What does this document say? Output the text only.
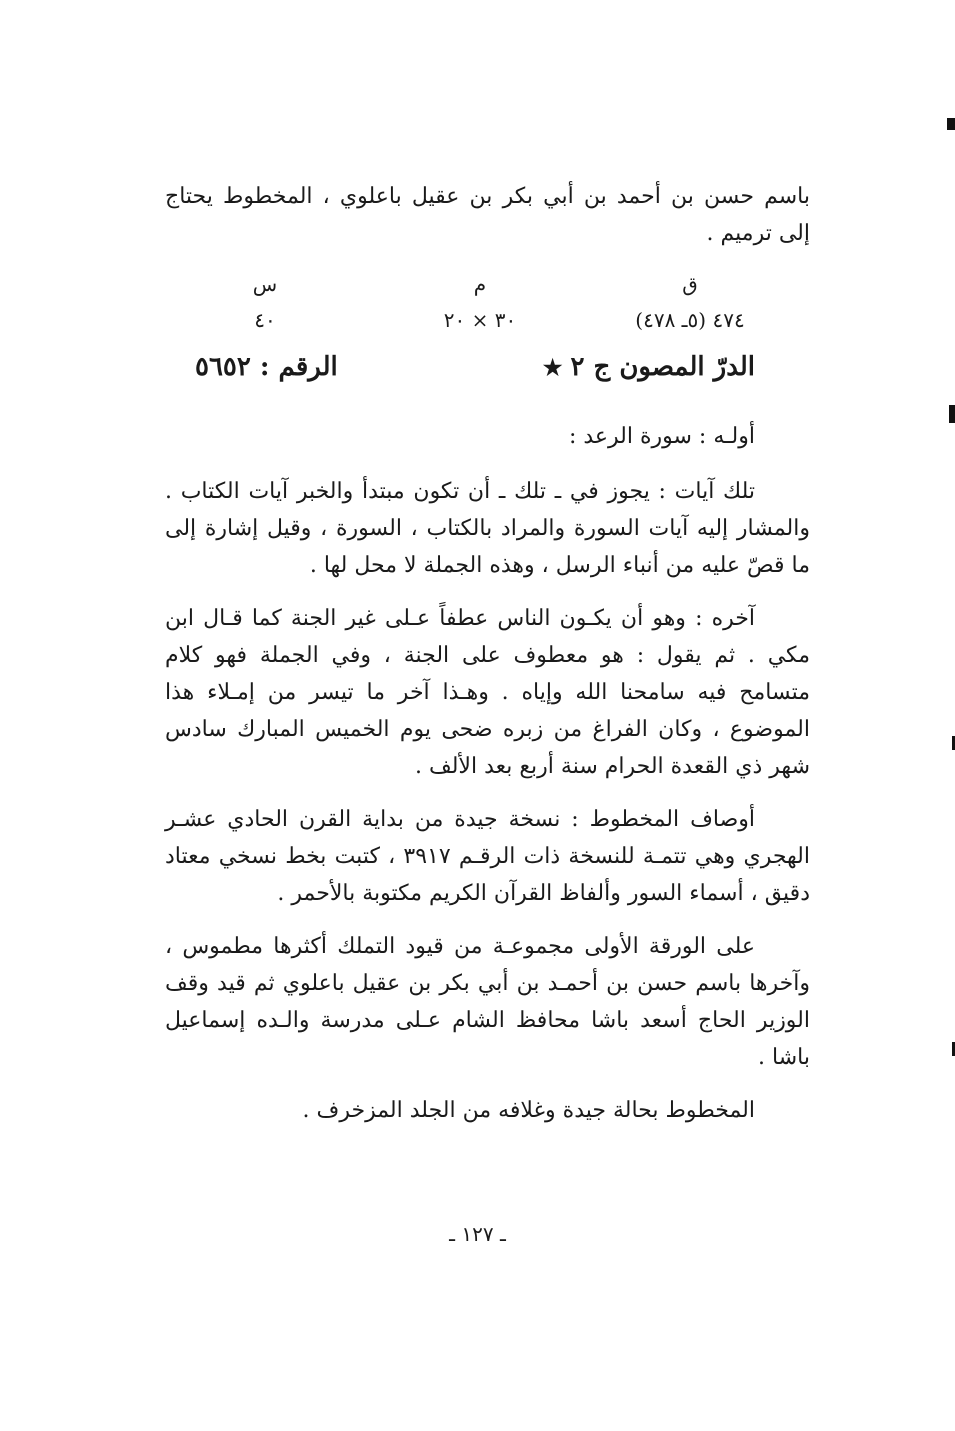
باسم حسن بن أحمد بن أبي بكر بن عقيل باعلوي ، المخطوط يحتاج إلى ترميم .

ق
٤٧٤ (٥ـ ٤٧٨)
م
٣٠ × ٢٠
س
٤٠
الدرّ المصون ج ٢★
الرقم : ٥٦٥٢
أولـه : سورة الرعد :

تلك آيات : يجوز في ـ تلك ـ أن تكون مبتدأ والخبر آيات الكتاب . والمشار إليه آيات السورة والمراد بالكتاب ، السورة ، وقيل إشارة إلى ما قصّ عليه من أنباء الرسل ، وهذه الجملة لا محل لها .

آخره : وهو أن يكـون الناس عطفاً عـلى غير الجنة كما قـال ابن مكي . ثم يقول : هو معطوف على الجنة ، وفي الجملة فهو كلام متسامح فيه سامحنا الله وإياه . وهـذا آخر ما تيسر من إمـلاء هذا الموضوع ، وكان الفراغ من زبره ضحى يوم الخميس المبارك سادس شهر ذي القعدة الحرام سنة أربع بعد الألف .

أوصاف المخطوط : نسخة جيدة من بداية القرن الحادي عشـر الهجري وهي تتمـة للنسخة ذات الرقـم ٣٩١٧ ، كتبت بخط نسخي معتاد دقيق ، أسماء السور وألفاظ القرآن الكريم مكتوبة بالأحمر .

على الورقة الأولى مجموعـة من قيود التملك أكثرها مطموس ، وآخرها باسم حسن بن أحمـد بن أبي بكر بن عقيل باعلوي ثم قيد وقف الوزير الحاج أسعد باشا محافظ الشام عـلى مدرسة والـده إسماعيل باشا .

المخطوط بحالة جيدة وغلافه من الجلد المزخرف .

ـ ١٢٧ ـ
